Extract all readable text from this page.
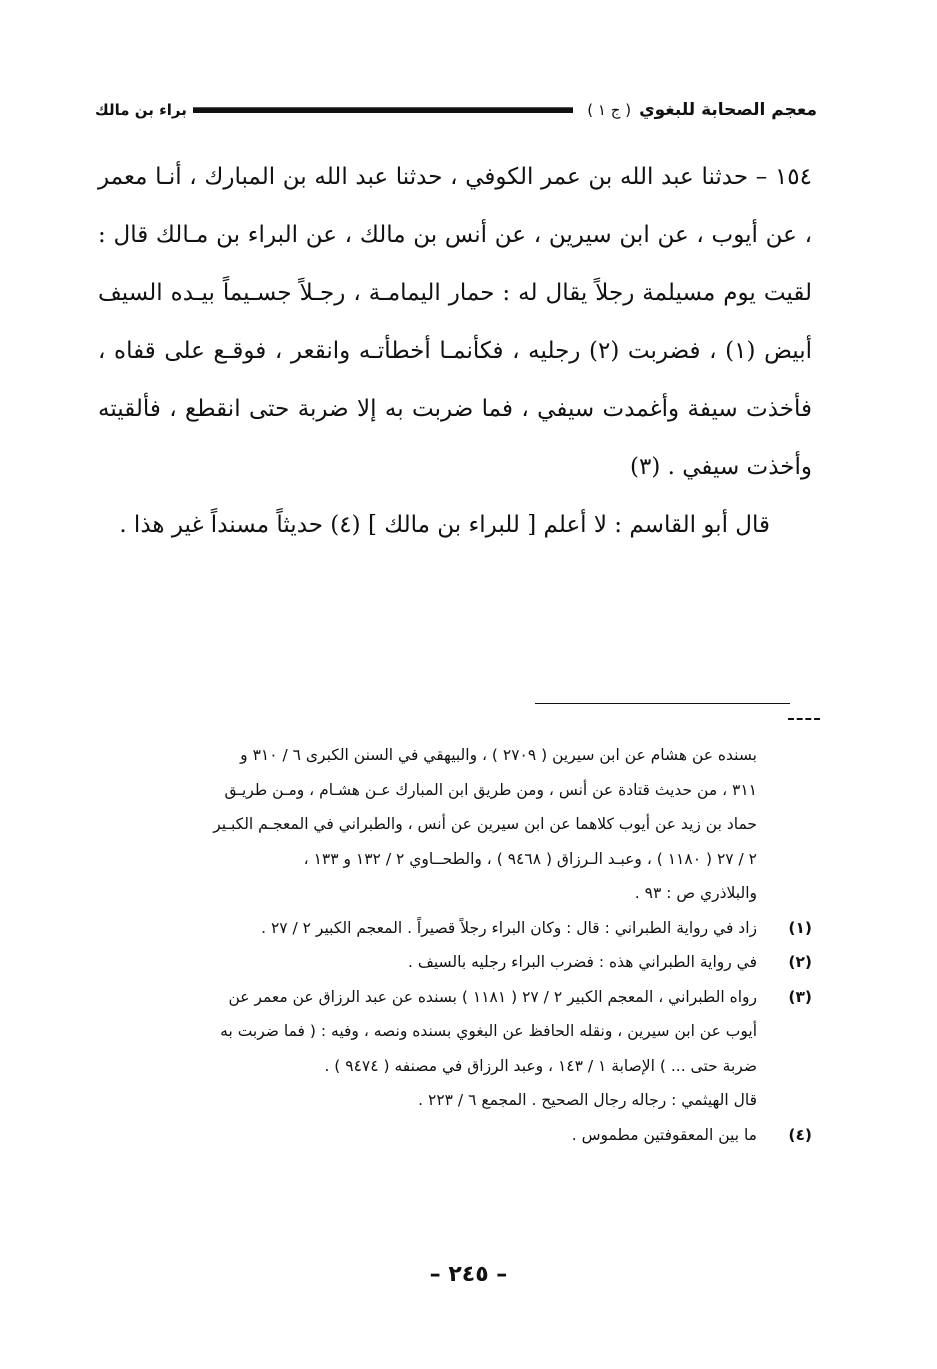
معجم الصحابة للبغوي
( ج ١ )
براء بن مالك

١٥٤ – حدثنا عبد الله بن عمر الكوفي ، حدثنا عبد الله بن المبارك ، أنـا معمر ، عن أيوب ، عن ابن سيرين ، عن أنس بن مالك ، عن البراء بن مـالك قال : لقيت يوم مسيلمة رجلاً يقال له : حمار اليمامـة ، رجـلاً جسـيماً بيـده السيف أبيض (١) ، فضربت (٢) رجليه ، فكأنمـا أخطأتـه وانقعر ، فوقـع على قفاه ، فأخذت سيفة وأغمدت سيفي ، فما ضربت به إلا ضربة حتى انقطع ، فألقيته وأخذت سيفي . (٣)

قال أبو القاسم : لا أعلم [ للبراء بن مالك ] (٤) حديثاً مسنداً غير هذا .

بسنده عن هشام عن ابن سيرين ( ٢٧٠٩ ) ، والبيهقي في السنن الكبرى ٦ / ٣١٠ و
٣١١ ، من حديث قتادة عن أنس ، ومن طريق ابن المبارك عـن هشـام ، ومـن طريـق
حماد بن زيد عن أيوب كلاهما عن ابن سيرين عن أنس ، والطبراني في المعجـم الكبـير
٢ / ٢٧ ( ١١٨٠ ) ، وعبـد الـرزاق ( ٩٤٦٨ ) ، والطحــاوي ٢ / ١٣٢ و ١٣٣ ،
والبلاذري ص : ٩٣ .
(١)
زاد في رواية الطبراني : قال : وكان البراء رجلاً قصيراً . المعجم الكبير ٢ / ٢٧ .
(٢)
في رواية الطبراني هذه : فضرب البراء رجليه بالسيف .
(٣)
رواه الطبراني ، المعجم الكبير ٢ / ٢٧ ( ١١٨١ ) بسنده عن عبد الرزاق عن معمر عن
أيوب عن ابن سيرين ، ونقله الحافظ عن البغوي بسنده ونصه ، وفيه : ( فما ضربت به
ضربة حتى ... ) الإصابة ١ / ١٤٣ ، وعبد الرزاق في مصنفه ( ٩٤٧٤ ) .
قال الهيثمي : رجاله رجال الصحيح . المجمع ٦ / ٢٢٣ .
(٤)
ما بين المعقوفتين مطموس .
– ٢٤٥ –
